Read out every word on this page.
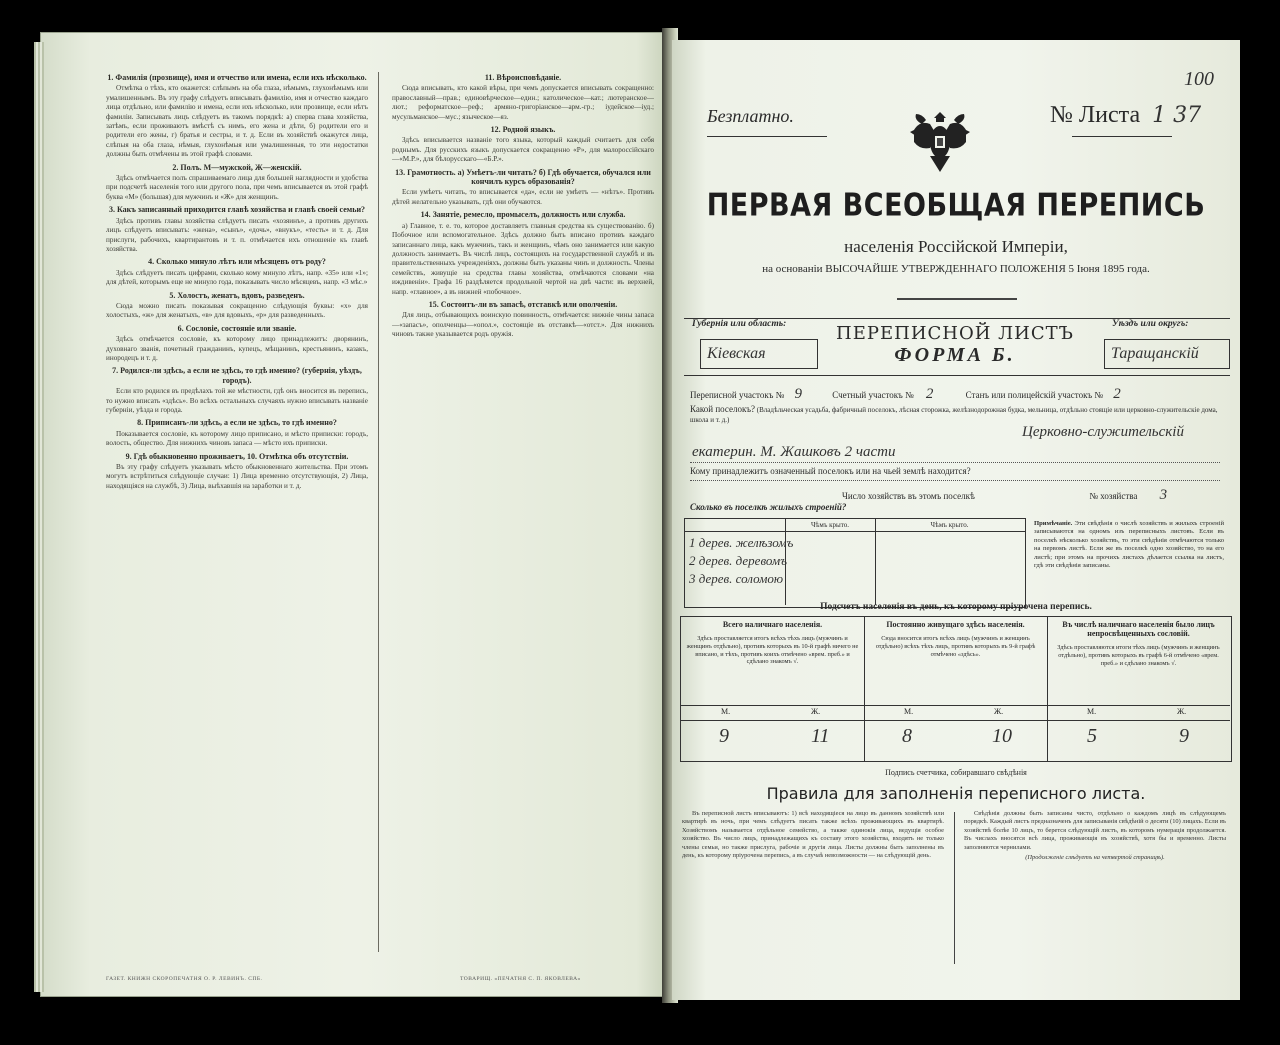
1. Фамилія (прозвище), имя и отчество или имена, если ихъ нѣсколько.

Отмѣтка о тѣхъ, кто окажется: слѣпымъ на оба глаза, нѣмымъ, глухонѣмымъ или умалишеннымъ. Въ эту графу слѣдуетъ вписывать фамилію, имя и отчество каждаго лица отдѣльно, или фамилію и имена, если ихъ нѣсколько, или прозвище, если нѣтъ фамиліи. Записывать лицъ слѣдуетъ въ такомъ порядкѣ: а) сперва глава хозяйства, затѣмъ, если проживаютъ вмѣстѣ съ нимъ, его жена и дѣти, б) родители его и родители его жены, г) братья и сестры, и т. д. Если въ хозяйствѣ окажутся лица, слѣпыя на оба глаза, нѣмыя, глухонѣмыя или умалишенныя, то эти недостатки должны быть отмѣчены въ этой графѣ словами.

2. Полъ. М—мужской, Ж—женскій.

Здѣсь отмѣчается полъ спрашиваемаго лица для большей наглядности и удобства при подсчетѣ населенія того или другого пола, при чемъ вписывается въ этой графѣ буква «М» (большая) для мужчинъ и «Ж» для женщинъ.

3. Какъ записанный приходится главѣ хозяйства и главѣ своей семьи?

Здѣсь противъ главы хозяйства слѣдуетъ писать «хозяинъ», а противъ другихъ лицъ слѣдуетъ вписывать: «жена», «сынъ», «дочь», «внукъ», «тесть» и т. д. Для прислуги, рабочихъ, квартирантовъ и т. п. отмѣчается ихъ отношеніе къ главѣ хозяйства.

4. Сколько минуло лѣтъ или мѣсяцевъ отъ роду?

Здѣсь слѣдуетъ писать цифрами, сколько кому минуло лѣтъ, напр. «35» или «1»; для дѣтей, которымъ еще не минуло года, показывать число мѣсяцевъ, напр. «3 мѣс.»

5. Холостъ, женатъ, вдовъ, разведенъ.

Сюда можно писать показывая сокращенно слѣдующія буквы: «х» для холостыхъ, «ж» для женатыхъ, «в» для вдовыхъ, «р» для разведенныхъ.

6. Сословіе, состояніе или званіе.

Здѣсь отмѣчается сословіе, къ которому лицо принадлежитъ: дворянинъ, духовнаго званія, почетный гражданинъ, купецъ, мѣщанинъ, крестьянинъ, казакъ, инородецъ и т. д.

7. Родился-ли здѣсь, а если не здѣсь, то гдѣ именно? (губернія, уѣздъ, городъ).

Если кто родился въ предѣлахъ той же мѣстности, гдѣ онъ вносится въ перепись, то нужно вписать «здѣсь». Во всѣхъ остальныхъ случаяхъ нужно вписывать названіе губерніи, уѣзда и города.

8. Приписанъ-ли здѣсь, а если не здѣсь, то гдѣ именно?

Показывается сословіе, къ которому лицо приписано, и мѣсто приписки: городъ, волость, общество. Для нижнихъ чиновъ запаса — мѣсто ихъ приписки.

9. Гдѣ обыкновенно проживаетъ, 10. Отмѣтка объ отсутствіи.

Въ эту графу слѣдуетъ указывать мѣсто обыкновеннаго жительства. При этомъ могутъ встрѣтиться слѣдующіе случаи: 1) Лица временно отсутствующія, 2) Лица, находящіяся на службѣ, 3) Лица, выѣхавшія на заработки и т. д.

11. Вѣроисповѣданіе.

Сюда вписывать, кто какой вѣры, при чемъ допускается вписывать сокращенно: православный—прав.; единовѣрческое—един.; католическое—кат.; лютеранское—лют.; реформатское—реф.; армяно-григоріанское—арм.-гр.; іудейское—іуд.; мусульманское—мус.; языческое—яз.

12. Родной языкъ.

Здѣсь вписывается названіе того языка, который каждый считаетъ для себя роднымъ. Для русскихъ языкъ допускается сокращенно «Р», для малороссійскаго—«М.Р.», для бѣлорусскаго—«Б.Р.».

13. Грамотность. а) Умѣетъ-ли читать? б) Гдѣ обучается, обучался или кончилъ курсъ образованія?

Если умѣетъ читать, то вписывается «да», если не умѣетъ — «нѣтъ». Противъ дѣтей желательно указывать, гдѣ они обучаются.

14. Занятіе, ремесло, промыселъ, должность или служба.

а) Главное, т. е. то, которое доставляетъ главныя средства къ существованію. б) Побочное или вспомогательное. Здѣсь должно быть вписано противъ каждаго записаннаго лица, какъ мужчинъ, такъ и женщинъ, чѣмъ оно занимается или какую должность занимаетъ. Въ числѣ лицъ, состоящихъ на государственной службѣ и въ правительственныхъ учрежденіяхъ, должны быть указаны чинъ и должность. Члены семействъ, живущіе на средства главы хозяйства, отмѣчаются словами «на иждивеніи». Графа 16 раздѣляется продольной чертой на двѣ части: въ верхней, напр. «главное», а въ нижней «побочное».

15. Состоитъ-ли въ запасѣ, отставкѣ или ополченіи.

Для лицъ, отбывающихъ воинскую повинность, отмѣчается: нижніе чины запаса—«запасъ», ополченцы—«опол.», состоящіе въ отставкѣ—«отст.». Для нижнихъ чиновъ также указывается родъ оружія.

ГАЗЕТ. КНИЖН СКОРОПЕЧАТНЯ О. Р. ЛЕВИНЪ. СПБ.	ТОВАРИЩ. «ПЕЧАТНЯ С. П. ЯКОВЛЕВА»
100
Безплатно.	№ Листа 1 37
ПЕРВАЯ ВСЕОБЩАЯ ПЕРЕПИСЬ
населенія Россійской Имперіи,
на основаніи ВЫСОЧАЙШЕ УТВЕРЖДЕННАГО ПОЛОЖЕНІЯ 5 Іюня 1895 года.
Губернія или область:
Кіевская
ПЕРЕПИСНОЙ ЛИСТЪ
ФОРМА Б.
Уѣздъ или округъ:
Таращанскій
Переписной участокъ № 9	Счетный участокъ № 2	Станъ или полицейскій участокъ № 2
Какой поселокъ? (Владѣльческая усадьба, фабричный поселокъ, лѣсная сторожка, желѣзнодорожная будка, мельница, отдѣльно стоящіе или церковно-служительскіе дома, школа и т. д.)
Церковно-служительскій
екатерин. М. Жашковъ 2 части
Кому принадлежитъ означенный поселокъ или на чьей землѣ находится?
Число хозяйствъ въ этомъ поселкѣ	№ хозяйства 3
Сколько въ поселкѣ жилыхъ строеній?
Чѣмъ крыто.	Чѣмъ крыто.
1 дерев. желѣзомъ
2 дерев. деревомъ
3 дерев. соломою
Примѣчаніе. Эти свѣдѣнія о числѣ хозяйствъ и жилыхъ строеній записываются на одномъ изъ переписныхъ листовъ. Если въ поселкѣ нѣсколько хозяйствъ, то эти свѣдѣнія отмѣчаются только на первомъ листѣ. Если же въ поселкѣ одно хозяйство, то на его листѣ; при этомъ на прочихъ листахъ дѣлается ссылка на листъ, гдѣ эти свѣдѣнія записаны.
Подсчетъ населенія въ день, къ которому пріурочена перепись.
Всего наличнаго населенія.
Здѣсь проставляется итогъ всѣхъ тѣхъ лицъ (мужчинъ и женщинъ отдѣльно), противъ которыхъ въ 10-й графѣ ничего не вписано, и тѣхъ, противъ коихъ отмѣчено «врем. преб.» и сдѣлано знакомъ √.
М.	Ж.
9	11
Постоянно живущаго здѣсь населенія.
Сюда вносится итогъ всѣхъ лицъ (мужчинъ и женщинъ отдѣльно) всѣхъ тѣхъ лицъ, противъ которыхъ въ 9-й графѣ отмѣчено «здѣсь».
М.	Ж.
8	10
Въ числѣ наличнаго населенія было лицъ непросвѣщенныхъ сословій.
Здѣсь проставляются итоги тѣхъ лицъ (мужчинъ и женщинъ отдѣльно), противъ которыхъ въ графѣ 6-й отмѣчено «врем. преб.» и сдѣлано знакомъ √.
М.	Ж.
5	9
Подпись счетчика, собиравшаго свѣдѣнія
Правила для заполненія переписного листа.

Въ переписной листъ вписываютъ: 1) всѣ находящіеся на лицо въ данномъ хозяйствѣ или квартирѣ въ ночь, при чемъ слѣдуетъ писать также всѣхъ проживающихъ въ квартирѣ. Хозяйствомъ называется отдѣльное семейство, а также одинокія лица, ведущія особое хозяйство. Въ число лицъ, принадлежащихъ къ составу этого хозяйства, входятъ не только члены семьи, но также прислуга, рабочіе и другія лица. Листы должны быть заполнены въ день, къ которому пріурочена перепись, а въ случаѣ невозможности — на слѣдующій день.

Свѣдѣнія должны быть записаны чисто, отдѣльно о каждомъ лицѣ въ слѣдующемъ порядкѣ. Каждый листъ предназначенъ для записыванія свѣдѣній о десяти (10) лицахъ. Если въ хозяйствѣ болѣе 10 лицъ, то берется слѣдующій листъ, въ которомъ нумерація продолжается. Въ числахъ вносятся всѣ лица, проживающія въ хозяйствѣ, хотя бы и временно. Листы заполняются чернилами.

(Продолженіе слѣдуетъ на четвертой страницѣ).
